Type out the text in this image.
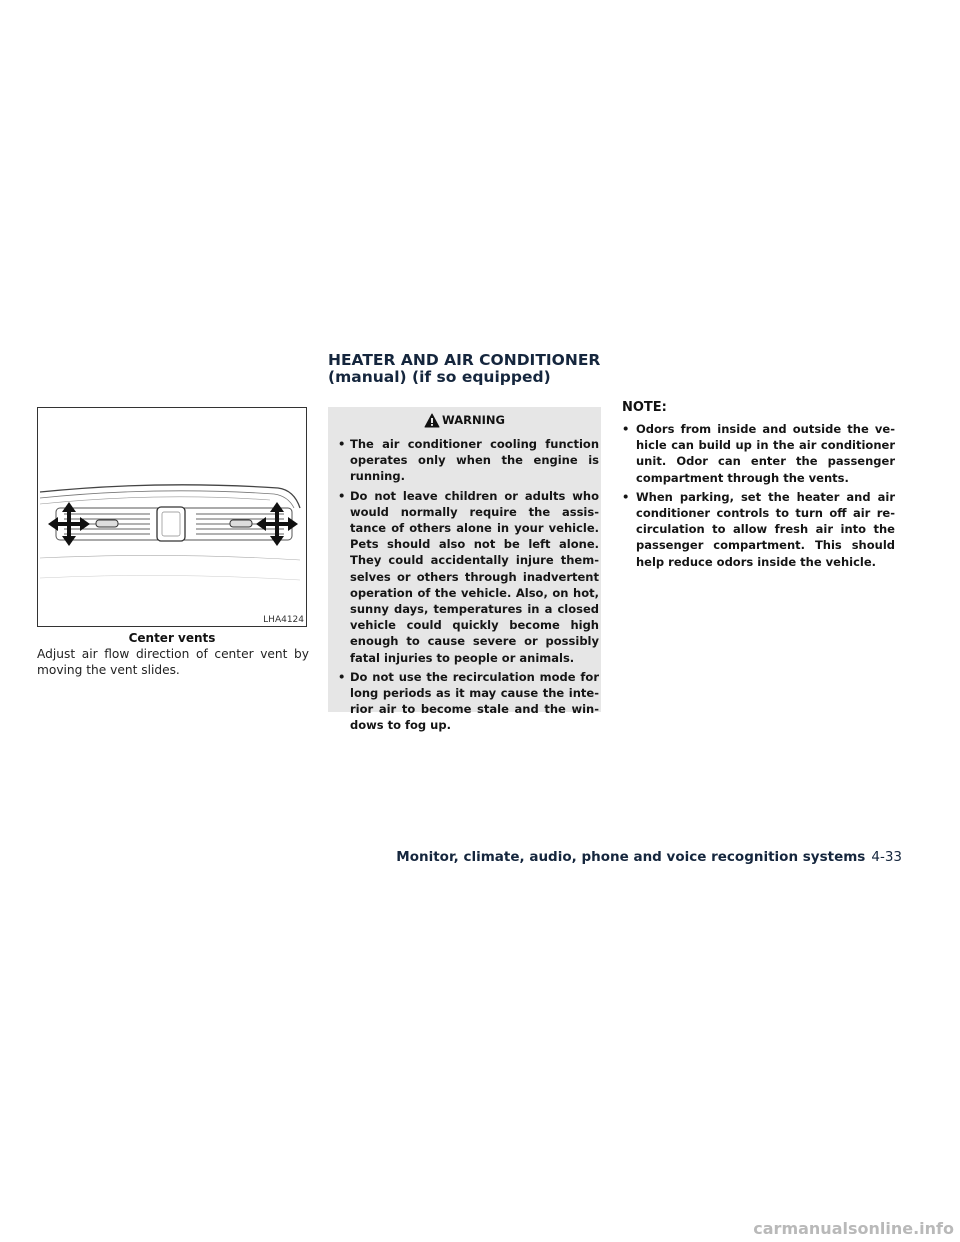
HEATER AND AIR CONDITIONER
(manual) (if so equipped)
LHA4124
Center vents
Adjust air flow direction of center vent by moving the vent slides.
WARNING
• The air conditioner cooling function operates only when the engine is running.
• Do not leave children or adults who would normally require the assis-tance of others alone in your vehicle. Pets should also not be left alone. They could accidentally injure them-selves or others through inadvertent operation of the vehicle. Also, on hot, sunny days, temperatures in a closed vehicle could quickly become high enough to cause severe or possibly fatal injuries to people or animals.
• Do not use the recirculation mode for long periods as it may cause the inte-rior air to become stale and the win-dows to fog up.
NOTE:
• Odors from inside and outside the ve-hicle can build up in the air conditioner unit. Odor can enter the passenger compartment through the vents.
• When parking, set the heater and air conditioner controls to turn off air re-circulation to allow fresh air into the passenger compartment. This should help reduce odors inside the vehicle.
Monitor, climate, audio, phone and voice recognition systems 4-33
carmanualsonline.info
